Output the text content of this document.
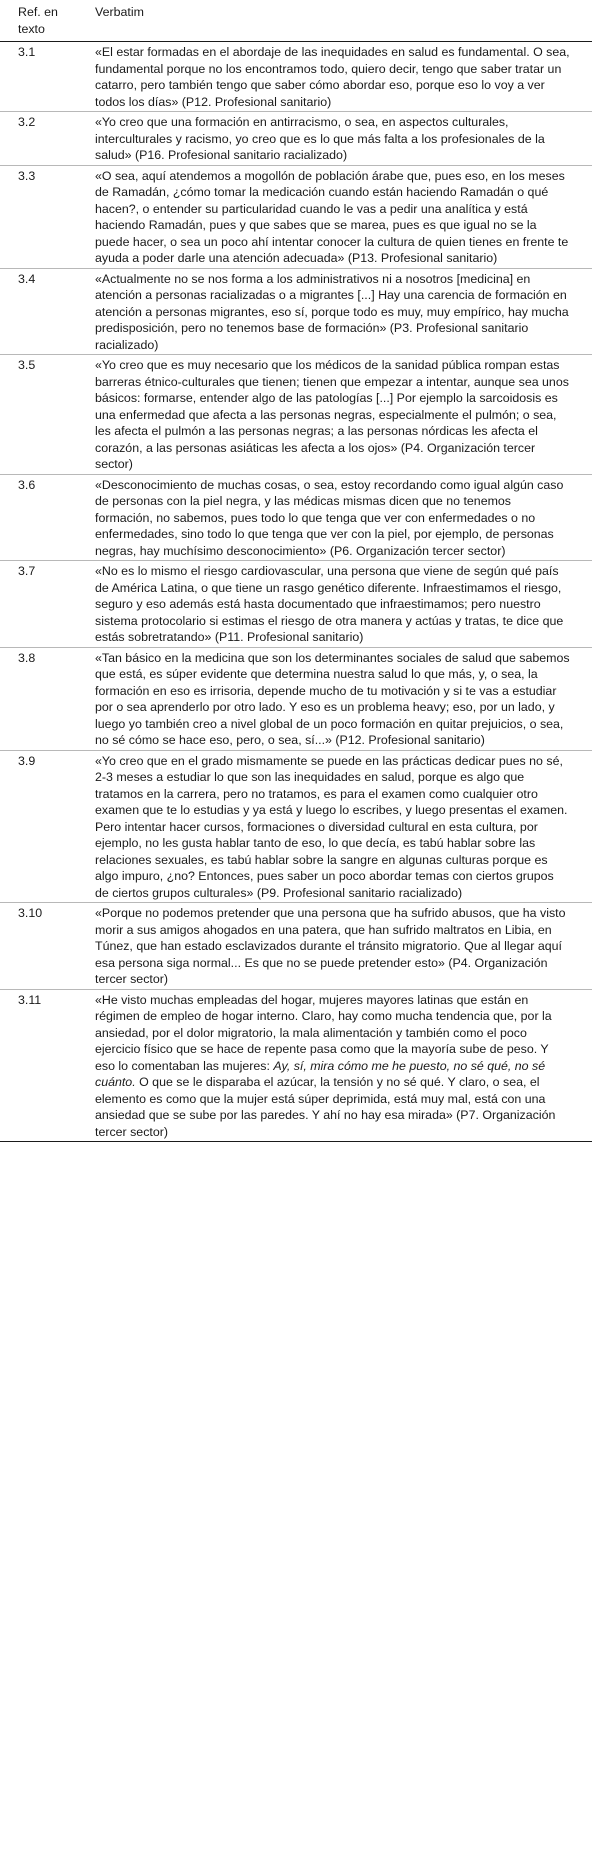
Ref. en texto	Verbatim
3.1	«El estar formadas en el abordaje de las inequidades en salud es fundamental. O sea, fundamental porque no los encontramos todo, quiero decir, tengo que saber tratar un catarro, pero también tengo que saber cómo abordar eso, porque eso lo voy a ver todos los días» (P12. Profesional sanitario)
3.2	«Yo creo que una formación en antirracismo, o sea, en aspectos culturales, interculturales y racismo, yo creo que es lo que más falta a los profesionales de la salud» (P16. Profesional sanitario racializado)
3.3	«O sea, aquí atendemos a mogollón de población árabe que, pues eso, en los meses de Ramadán, ¿cómo tomar la medicación cuando están haciendo Ramadán o qué hacen?, o entender su particularidad cuando le vas a pedir una analítica y está haciendo Ramadán, pues y que sabes que se marea, pues es que igual no se la puede hacer, o sea un poco ahí intentar conocer la cultura de quien tienes en frente te ayuda a poder darle una atención adecuada» (P13. Profesional sanitario)
3.4	«Actualmente no se nos forma a los administrativos ni a nosotros [medicina] en atención a personas racializadas o a migrantes [...] Hay una carencia de formación en atención a personas migrantes, eso sí, porque todo es muy, muy empírico, hay mucha predisposición, pero no tenemos base de formación» (P3. Profesional sanitario racializado)
3.5	«Yo creo que es muy necesario que los médicos de la sanidad pública rompan estas barreras étnico-culturales que tienen; tienen que empezar a intentar, aunque sea unos básicos: formarse, entender algo de las patologías [...] Por ejemplo la sarcoidosis es una enfermedad que afecta a las personas negras, especialmente el pulmón; o sea, les afecta el pulmón a las personas negras; a las personas nórdicas les afecta el corazón, a las personas asiáticas les afecta a los ojos» (P4. Organización tercer sector)
3.6	«Desconocimiento de muchas cosas, o sea, estoy recordando como igual algún caso de personas con la piel negra, y las médicas mismas dicen que no tenemos formación, no sabemos, pues todo lo que tenga que ver con enfermedades o no enfermedades, sino todo lo que tenga que ver con la piel, por ejemplo, de personas negras, hay muchísimo desconocimiento» (P6. Organización tercer sector)
3.7	«No es lo mismo el riesgo cardiovascular, una persona que viene de según qué país de América Latina, o que tiene un rasgo genético diferente. Infraestimamos el riesgo, seguro y eso además está hasta documentado que infraestimamos; pero nuestro sistema protocolario si estimas el riesgo de otra manera y actúas y tratas, te dice que estás sobretratando» (P11. Profesional sanitario)
3.8	«Tan básico en la medicina que son los determinantes sociales de salud que sabemos que está, es súper evidente que determina nuestra salud lo que más, y, o sea, la formación en eso es irrisoria, depende mucho de tu motivación y si te vas a estudiar por o sea aprenderlo por otro lado. Y eso es un problema heavy; eso, por un lado, y luego yo también creo a nivel global de un poco formación en quitar prejuicios, o sea, no sé cómo se hace eso, pero, o sea, sí...» (P12. Profesional sanitario)
3.9	«Yo creo que en el grado mismamente se puede en las prácticas dedicar pues no sé, 2-3 meses a estudiar lo que son las inequidades en salud, porque es algo que tratamos en la carrera, pero no tratamos, es para el examen como cualquier otro examen que te lo estudias y ya está y luego lo escribes, y luego presentas el examen. Pero intentar hacer cursos, formaciones o diversidad cultural en esta cultura, por ejemplo, no les gusta hablar tanto de eso, lo que decía, es tabú hablar sobre las relaciones sexuales, es tabú hablar sobre la sangre en algunas culturas porque es algo impuro, ¿no? Entonces, pues saber un poco abordar temas con ciertos grupos de ciertos grupos culturales» (P9. Profesional sanitario racializado)
3.10	«Porque no podemos pretender que una persona que ha sufrido abusos, que ha visto morir a sus amigos ahogados en una patera, que han sufrido maltratos en Libia, en Túnez, que han estado esclavizados durante el tránsito migratorio. Que al llegar aquí esa persona siga normal... Es que no se puede pretender esto» (P4. Organización tercer sector)
3.11	«He visto muchas empleadas del hogar, mujeres mayores latinas que están en régimen de empleo de hogar interno. Claro, hay como mucha tendencia que, por la ansiedad, por el dolor migratorio, la mala alimentación y también como el poco ejercicio físico que se hace de repente pasa como que la mayoría sube de peso. Y eso lo comentaban las mujeres: Ay, sí, mira cómo me he puesto, no sé qué, no sé cuánto. O que se le disparaba el azúcar, la tensión y no sé qué. Y claro, o sea, el elemento es como que la mujer está súper deprimida, está muy mal, está con una ansiedad que se sube por las paredes. Y ahí no hay esa mirada» (P7. Organización tercer sector)
